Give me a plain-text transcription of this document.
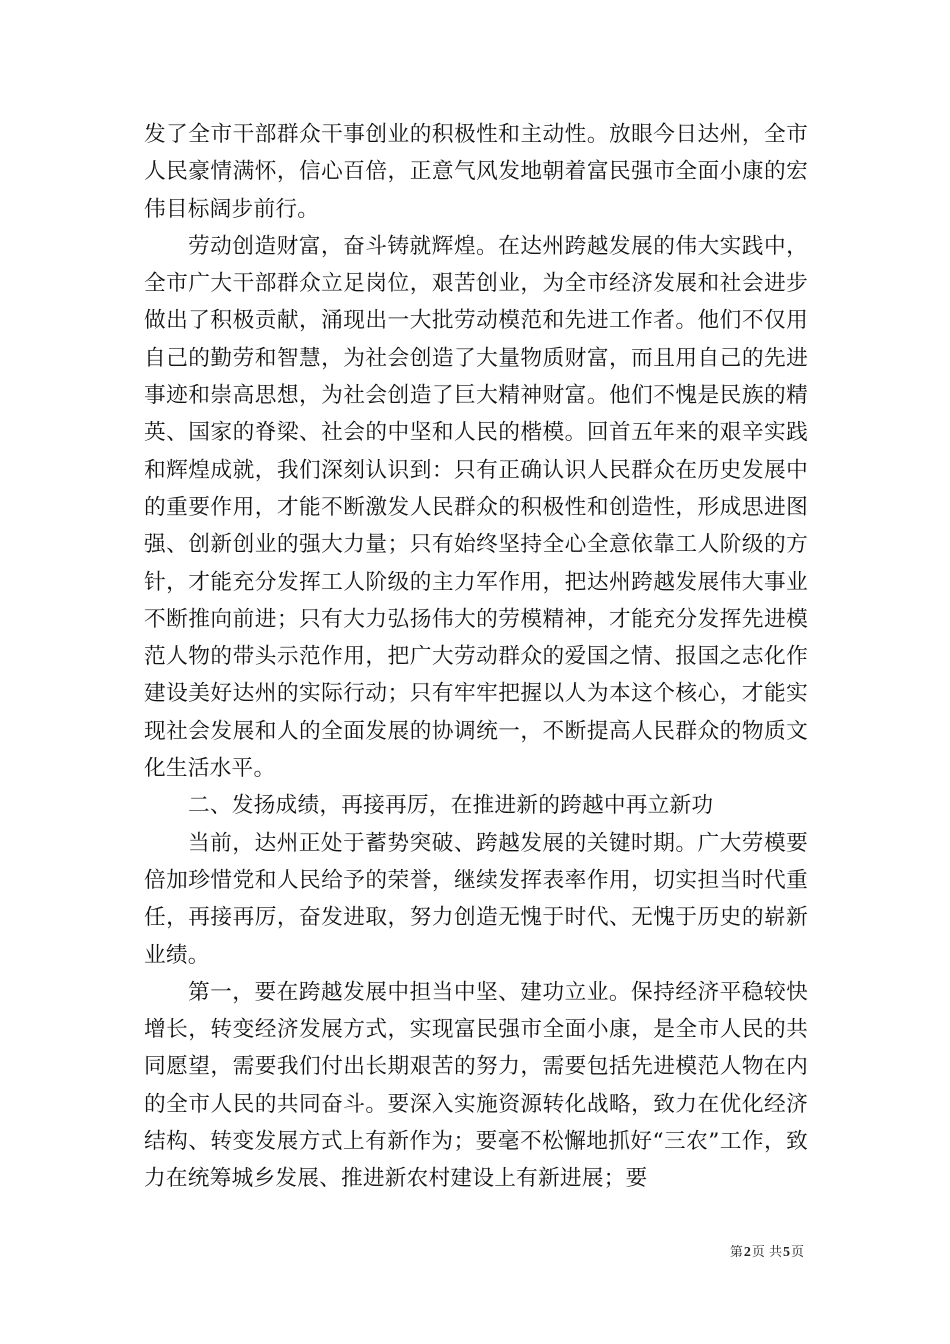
发了全市干部群众干事创业的积极性和主动性。放眼今日达州，全市人民豪情满怀，信心百倍，正意气风发地朝着富民强市全面小康的宏伟目标阔步前行。

劳动创造财富，奋斗铸就辉煌。在达州跨越发展的伟大实践中，全市广大干部群众立足岗位，艰苦创业，为全市经济发展和社会进步做出了积极贡献，涌现出一大批劳动模范和先进工作者。他们不仅用自己的勤劳和智慧，为社会创造了大量物质财富，而且用自己的先进事迹和崇高思想，为社会创造了巨大精神财富。他们不愧是民族的精英、国家的脊梁、社会的中坚和人民的楷模。回首五年来的艰辛实践和辉煌成就，我们深刻认识到：只有正确认识人民群众在历史发展中的重要作用，才能不断激发人民群众的积极性和创造性，形成思进图强、创新创业的强大力量；只有始终坚持全心全意依靠工人阶级的方针，才能充分发挥工人阶级的主力军作用，把达州跨越发展伟大事业不断推向前进；只有大力弘扬伟大的劳模精神，才能充分发挥先进模范人物的带头示范作用，把广大劳动群众的爱国之情、报国之志化作建设美好达州的实际行动；只有牢牢把握以人为本这个核心，才能实现社会发展和人的全面发展的协调统一，不断提高人民群众的物质文化生活水平。

二、发扬成绩，再接再厉，在推进新的跨越中再立新功

当前，达州正处于蓄势突破、跨越发展的关键时期。广大劳模要倍加珍惜党和人民给予的荣誉，继续发挥表率作用，切实担当时代重任，再接再厉，奋发进取，努力创造无愧于时代、无愧于历史的崭新业绩。

第一，要在跨越发展中担当中坚、建功立业。保持经济平稳较快增长，转变经济发展方式，实现富民强市全面小康，是全市人民的共同愿望，需要我们付出长期艰苦的努力，需要包括先进模范人物在内的全市人民的共同奋斗。要深入实施资源转化战略，致力在优化经济结构、转变发展方式上有新作为；要毫不松懈地抓好“三农”工作，致力在统筹城乡发展、推进新农村建设上有新进展；要

第2页 共5页
